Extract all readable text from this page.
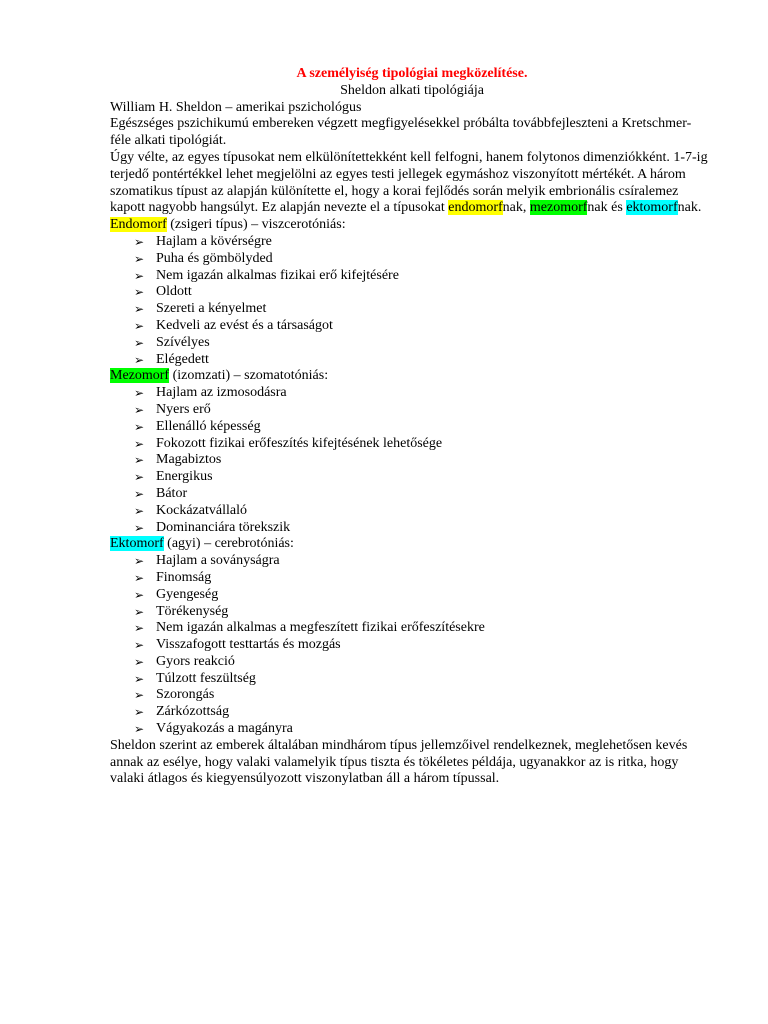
A személyiség tipológiai megközelítése.
Sheldon alkati tipológiája

William H. Sheldon – amerikai pszichológus

Egészséges pszichikumú embereken végzett megfigyelésekkel próbálta továbbfejleszteni a Kretschmer-féle alkati tipológiát.

Úgy vélte, az egyes típusokat nem elkülönítettekként kell felfogni, hanem folytonos dimenziókként. 1-7-ig terjedő pontértékkel lehet megjelölni az egyes testi jellegek egymáshoz viszonyított mértékét. A három szomatikus típust az alapján különítette el, hogy a korai fejlődés során melyik embrionális csíralemez kapott nagyobb hangsúlyt. Ez alapján nevezte el a típusokat endomorfnak, mezomorfnak és ektomorfnak.

Endomorf (zsigeri típus) – viszcerotóniás:
➢ Hajlam a kövérségre
➢ Puha és gömbölyded
➢ Nem igazán alkalmas fizikai erő kifejtésére
➢ Oldott
➢ Szereti a kényelmet
➢ Kedveli az evést és a társaságot
➢ Szívélyes
➢ Elégedett
Mezomorf (izomzati) – szomatotóniás:
➢ Hajlam az izmosodásra
➢ Nyers erő
➢ Ellenálló képesség
➢ Fokozott fizikai erőfeszítés kifejtésének lehetősége
➢ Magabiztos
➢ Energikus
➢ Bátor
➢ Kockázatvállaló
➢ Dominanciára törekszik
Ektomorf (agyi) – cerebrotóniás:
➢ Hajlam a soványságra
➢ Finomság
➢ Gyengeség
➢ Törékenység
➢ Nem igazán alkalmas a megfeszített fizikai erőfeszítésekre
➢ Visszafogott testtartás és mozgás
➢ Gyors reakció
➢ Túlzott feszültség
➢ Szorongás
➢ Zárkózottság
➢ Vágyakozás a magányra

Sheldon szerint az emberek általában mindhárom típus jellemzőivel rendelkeznek, meglehetősen kevés annak az esélye, hogy valaki valamelyik típus tiszta és tökéletes példája, ugyanakkor az is ritka, hogy valaki átlagos és kiegyensúlyozott viszonylatban áll a három típussal.
